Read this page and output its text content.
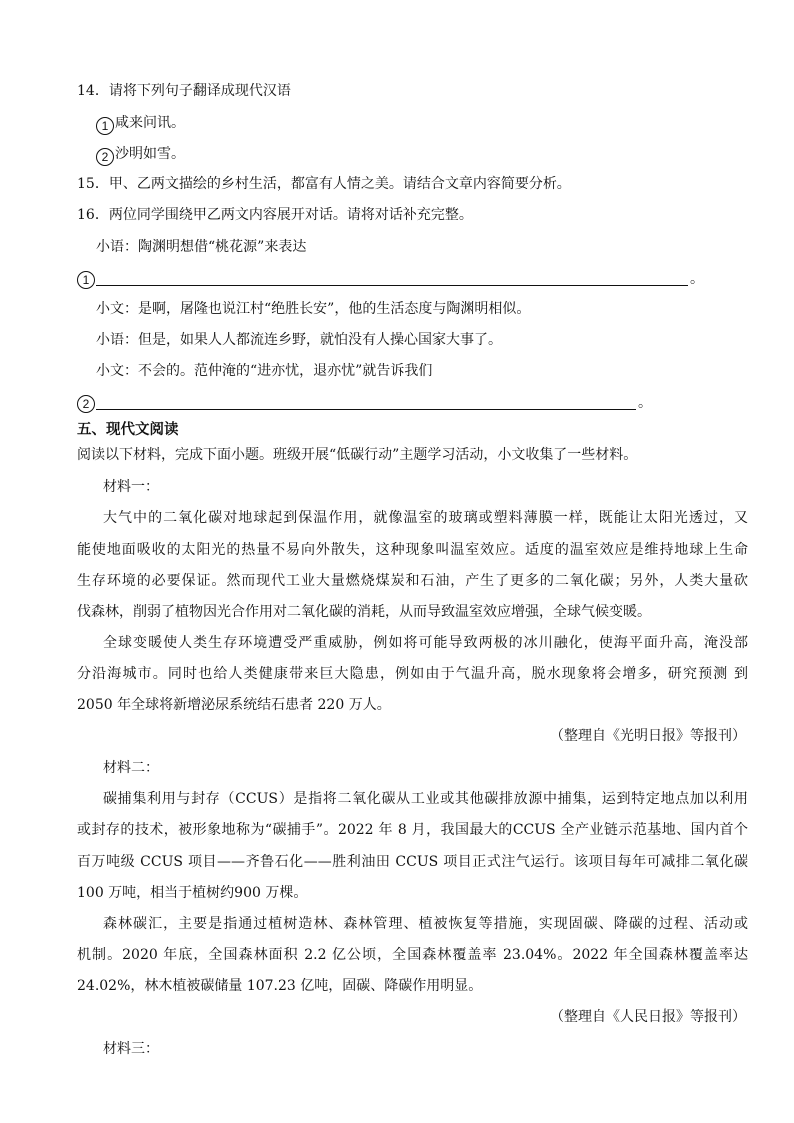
14．请将下列句子翻译成现代汉语
1 咸来问讯。
2 沙明如雪。
15．甲、乙两文描绘的乡村生活，都富有人情之美。请结合文章内容简要分析。
16．两位同学围绕甲乙两文内容展开对话。请将对话补充完整。
小语：陶渊明想借“桃花源”来表达
1	。
小文：是啊，屠隆也说江村“绝胜长安”，他的生活态度与陶渊明相似。
小语：但是，如果人人都流连乡野，就怕没有人操心国家大事了。
小文：不会的。范仲淹的“进亦忧，退亦忧”就告诉我们
2	。
五、现代文阅读
阅读以下材料，完成下面小题。班级开展“低碳行动”主题学习活动，小文收集了一些材料。
材料一：
大气中的二氧化碳对地球起到保温作用，就像温室的玻璃或塑料薄膜一样，既能让太阳光透过，又
能使地面吸收的太阳光的热量不易向外散失，这种现象叫温室效应。适度的温室效应是维持地球上生命
生存环境的必要保证。然而现代工业大量燃烧煤炭和石油，产生了更多的二氧化碳；另外，人类大量砍
伐森林，削弱了植物因光合作用对二氧化碳的消耗，从而导致温室效应增强，全球气候变暖。
全球变暖使人类生存环境遭受严重威胁，例如将可能导致两极的冰川融化，使海平面升高，淹没部
分沿海城市。同时也给人类健康带来巨大隐患，例如由于气温升高，脱水现象将会增多，研究预测 到
2050 年全球将新增泌尿系统结石患者 220 万人。
（整理自《光明日报》等报刊）
材料二：
碳捕集利用与封存（CCUS）是指将二氧化碳从工业或其他碳排放源中捕集，运到特定地点加以利用
或封存的技术，被形象地称为“碳捕手”。2022 年 8 月，我国最大的CCUS 全产业链示范基地、国内首个
百万吨级 CCUS 项目——齐鲁石化——胜利油田 CCUS 项目正式注气运行。该项目每年可减排二氧化碳
100 万吨，相当于植树约900 万棵。
森林碳汇，主要是指通过植树造林、森林管理、植被恢复等措施，实现固碳、降碳的过程、活动或
机制。2020 年底，全国森林面积 2.2 亿公顷，全国森林覆盖率 23.04%。2022 年全国森林覆盖率达
24.02%，林木植被碳储量 107.23 亿吨，固碳、降碳作用明显。
（整理自《人民日报》等报刊）
材料三：
